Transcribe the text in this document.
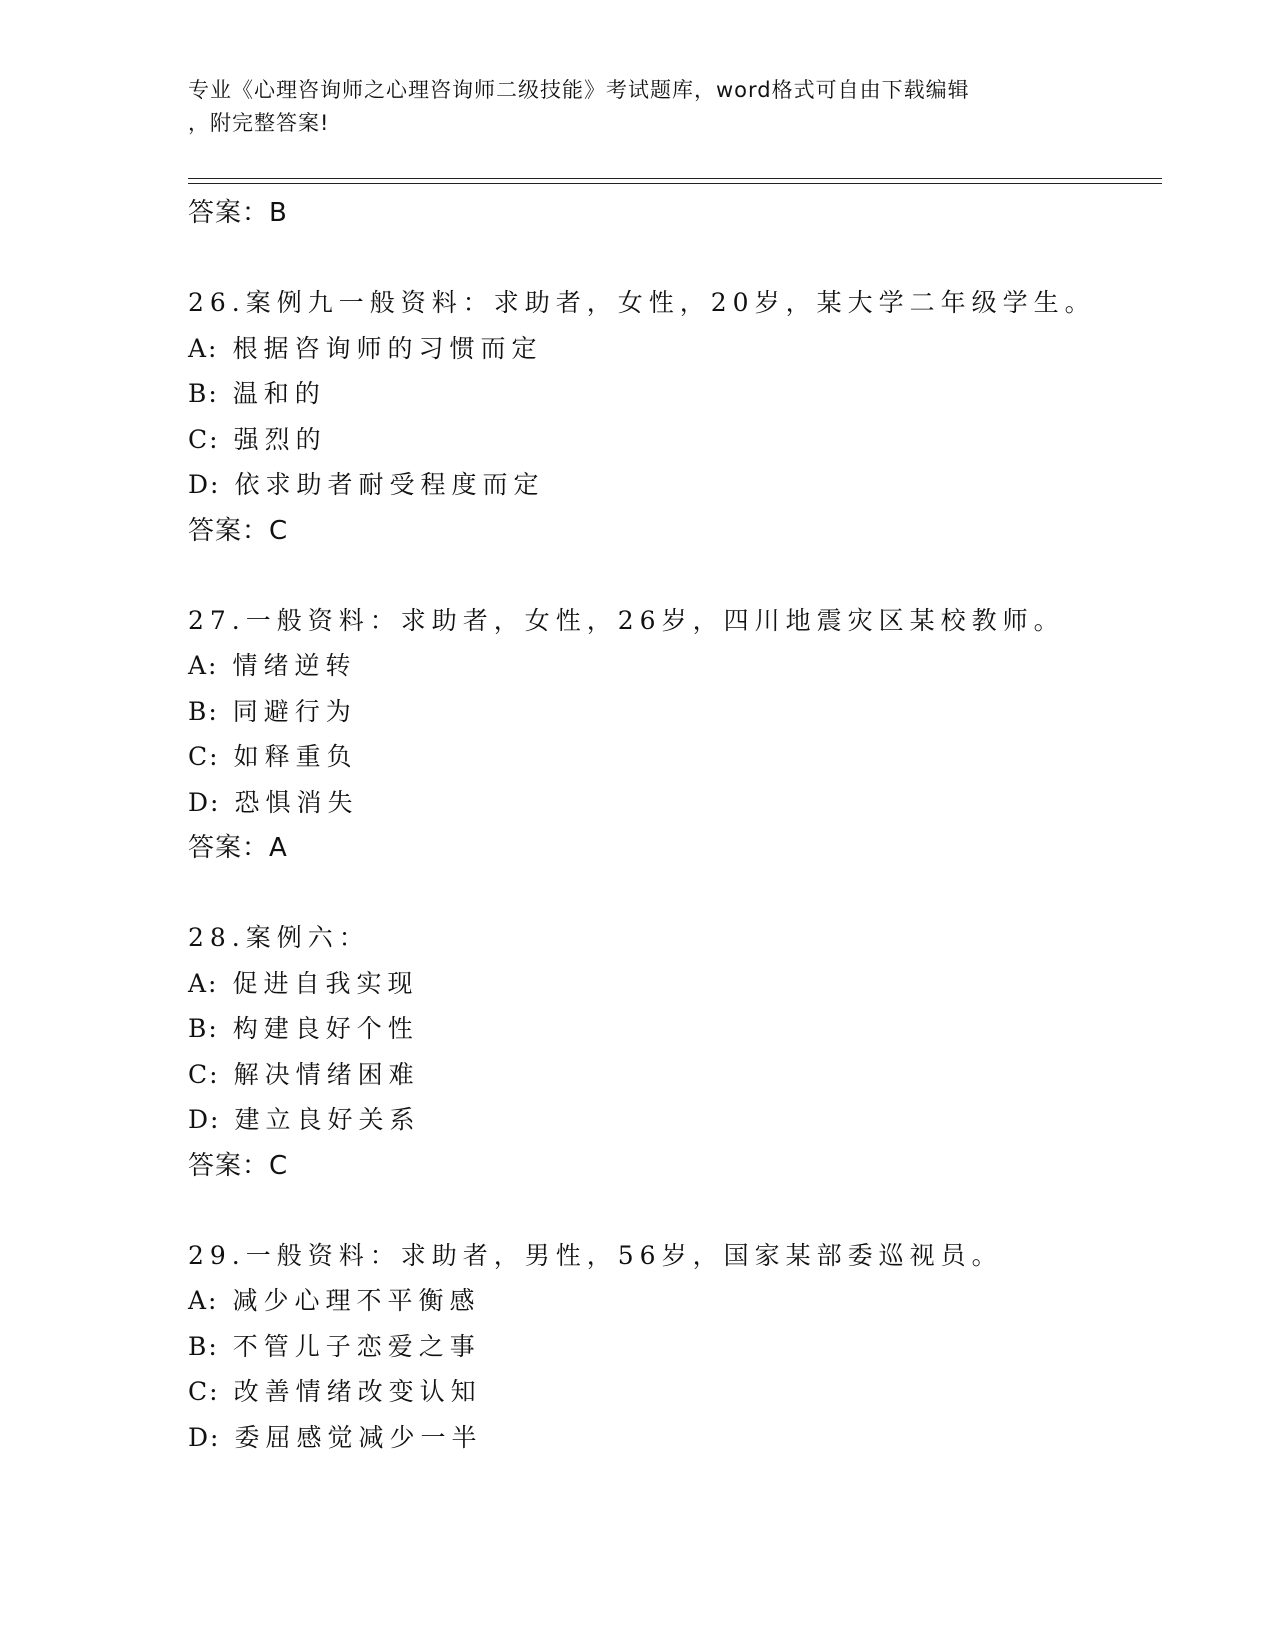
专业《心理咨询师之心理咨询师二级技能》考试题库，word格式可自由下载编辑
，附完整答案!
答案：B
26.案例九一般资料：求助者，女性，20岁，某大学二年级学生。
A: 根据咨询师的习惯而定
B: 温和的
C: 强烈的
D: 依求助者耐受程度而定
答案：C
27.一般资料：求助者，女性，26岁，四川地震灾区某校教师。
A: 情绪逆转
B: 同避行为
C: 如释重负
D: 恐惧消失
答案：A
28.案例六：
A: 促进自我实现
B: 构建良好个性
C: 解决情绪困难
D: 建立良好关系
答案：C
29.一般资料：求助者，男性，56岁，国家某部委巡视员。
A: 减少心理不平衡感
B: 不管儿子恋爱之事
C: 改善情绪改变认知
D: 委屈感觉减少一半
